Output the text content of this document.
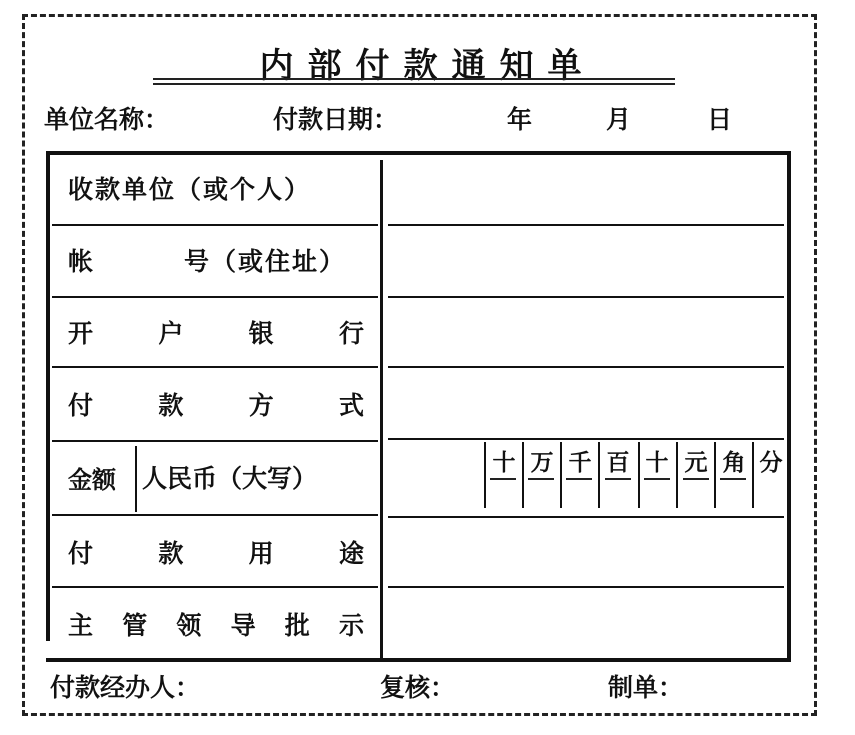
内部付款通知单
单位名称：	付款日期：	年	月	日
收款单位（或个人）
帐	号（或住址）
开	户	银	行
付	款	方	式
金额	人民币（大写）
付	款	用	途
主 管 领 导 批 示
十 万 千 百 十 元 角 分
付款经办人：	复核：	制单：
